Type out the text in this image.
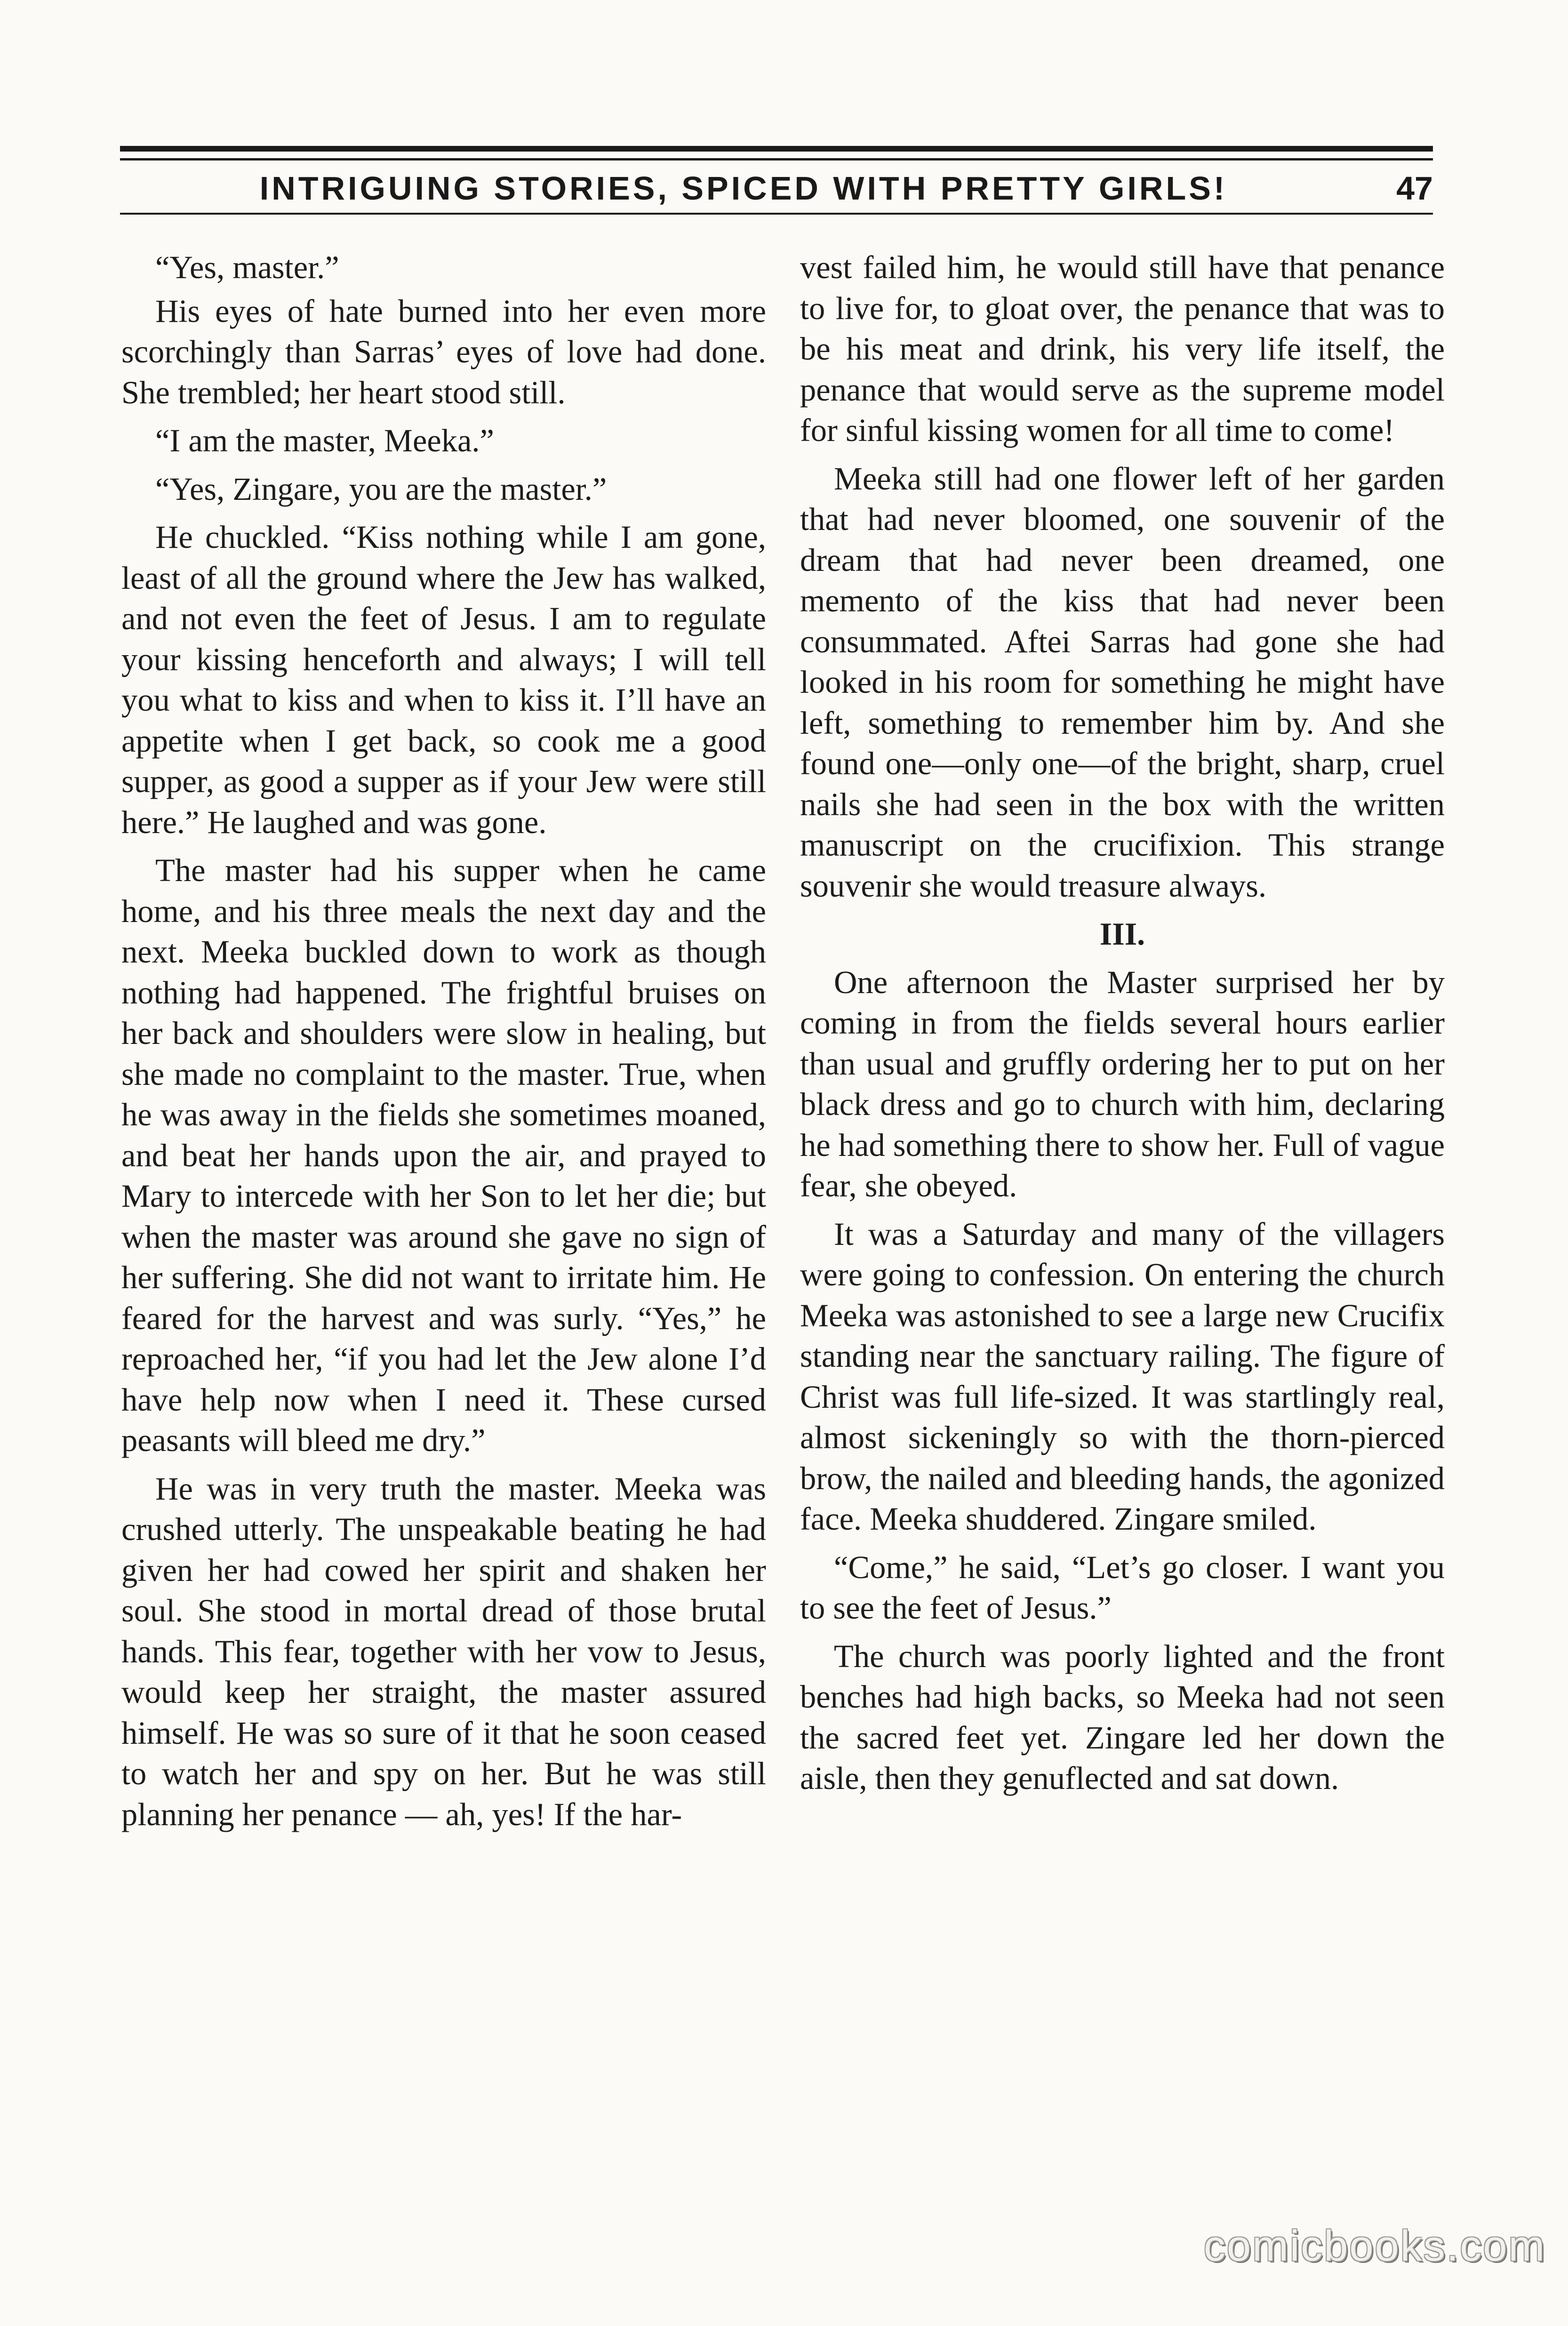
INTRIGUING STORIES, SPICED WITH PRETTY GIRLS!	47

“Yes, master.”

His eyes of hate burned into her even more scorchingly than Sarras’ eyes of love had done. She trembled; her heart stood still.

“I am the master, Meeka.”

“Yes, Zingare, you are the master.”

He chuckled. “Kiss nothing while I am gone, least of all the ground where the Jew has walked, and not even the feet of Jesus. I am to regulate your kissing henceforth and always; I will tell you what to kiss and when to kiss it. I’ll have an appetite when I get back, so cook me a good supper, as good a supper as if your Jew were still here.” He laughed and was gone.

The master had his supper when he came home, and his three meals the next day and the next. Meeka buckled down to work as though nothing had happened. The frightful bruises on her back and shoulders were slow in healing, but she made no complaint to the master. True, when he was away in the fields she sometimes moaned, and beat her hands upon the air, and prayed to Mary to intercede with her Son to let her die; but when the master was around she gave no sign of her suffering. She did not want to irritate him. He feared for the harvest and was surly. “Yes,” he reproached her, “if you had let the Jew alone I’d have help now when I need it. These cursed peasants will bleed me dry.”

He was in very truth the master. Meeka was crushed utterly. The unspeakable beating he had given her had cowed her spirit and shaken her soul. She stood in mortal dread of those brutal hands. This fear, together with her vow to Jesus, would keep her straight, the master assured himself. He was so sure of it that he soon ceased to watch her and spy on her. But he was still planning her penance — ah, yes! If the har-

vest failed him, he would still have that penance to live for, to gloat over, the penance that was to be his meat and drink, his very life itself, the penance that would serve as the supreme model for sinful kissing women for all time to come!

Meeka still had one flower left of her garden that had never bloomed, one souvenir of the dream that had never been dreamed, one memento of the kiss that had never been consummated. Aftei Sarras had gone she had looked in his room for something he might have left, something to remember him by. And she found one—only one—of the bright, sharp, cruel nails she had seen in the box with the written manuscript on the crucifixion. This strange souvenir she would treasure always.

III.

One afternoon the Master surprised her by coming in from the fields several hours earlier than usual and gruffly ordering her to put on her black dress and go to church with him, declaring he had something there to show her. Full of vague fear, she obeyed.

It was a Saturday and many of the villagers were going to confession. On entering the church Meeka was astonished to see a large new Crucifix standing near the sanctuary railing. The figure of Christ was full life-sized. It was startlingly real, almost sickeningly so with the thorn-pierced brow, the nailed and bleeding hands, the agonized face. Meeka shuddered. Zingare smiled.

“Come,” he said, “Let’s go closer. I want you to see the feet of Jesus.”

The church was poorly lighted and the front benches had high backs, so Meeka had not seen the sacred feet yet. Zingare led her down the aisle, then they genuflected and sat down.

comicbooks.com
